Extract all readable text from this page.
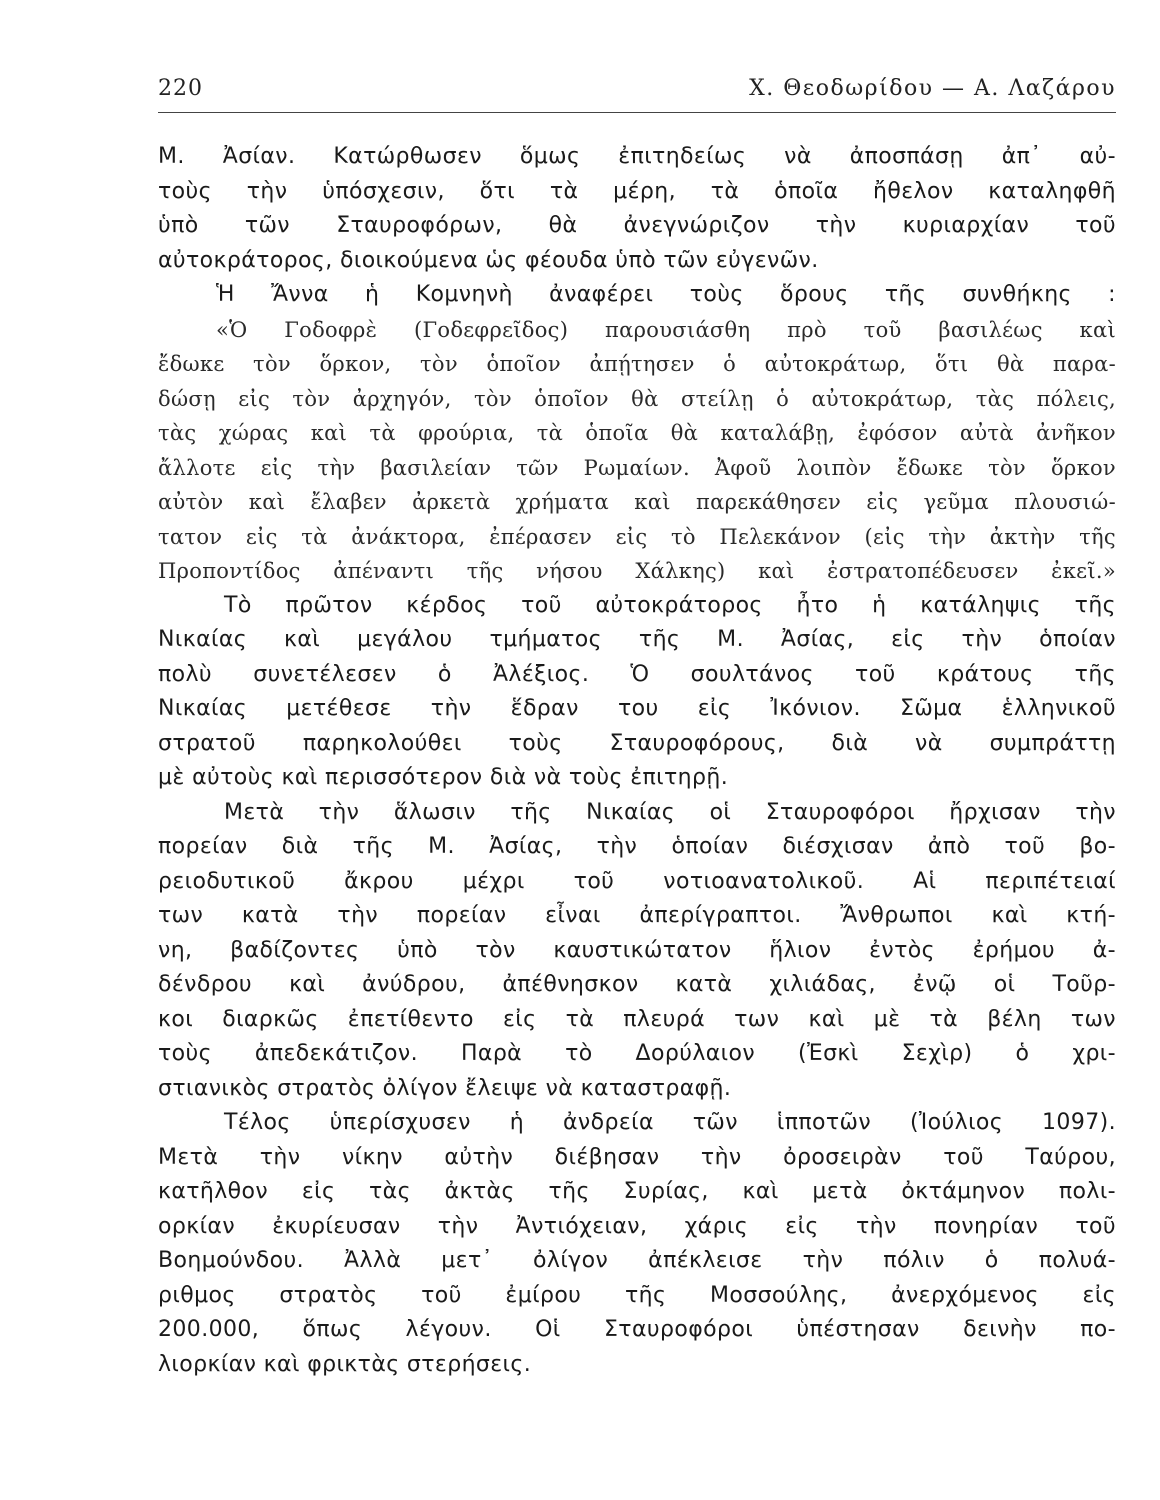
220	Χ. Θεοδωρίδου — Α. Λαζάρου
Μ. Ἀσίαν. Κατώρθωσεν ὅμως ἐπιτηδείως νὰ ἀποσπάσῃ ἀπ᾿ αὐ-
τοὺς τὴν ὑπόσχεσιν, ὅτι τὰ μέρη, τὰ ὁποῖα ἤθελον καταληφθῆ
ὑπὸ τῶν Σταυροφόρων, θὰ ἀνεγνώριζον τὴν κυριαρχίαν τοῦ
αὐτοκράτορος, διοικούμενα ὡς φέουδα ὑπὸ τῶν εὐγενῶν.
Ἡ Ἄννα ἡ Κομνηνὴ ἀναφέρει τοὺς ὅρους τῆς συνθήκης :
«Ὁ Γοδοφρὲ (Γοδεφρεῖδος) παρουσιάσθη πρὸ τοῦ βασιλέως καὶ
ἔδωκε τὸν ὅρκον, τὸν ὁποῖον ἀπῄτησεν ὁ αὐτοκράτωρ, ὅτι θὰ παρα-
δώσῃ εἰς τὸν ἀρχηγόν, τὸν ὁποῖον θὰ στείλῃ ὁ αὐτοκράτωρ, τὰς πόλεις,
τὰς χώρας καὶ τὰ φρούρια, τὰ ὁποῖα θὰ καταλάβῃ, ἐφόσον αὐτὰ ἀνῆκον
ἄλλοτε εἰς τὴν βασιλείαν τῶν Ρωμαίων. Ἀφοῦ λοιπὸν ἔδωκε τὸν ὅρκον
αὐτὸν καὶ ἔλαβεν ἀρκετὰ χρήματα καὶ παρεκάθησεν εἰς γεῦμα πλουσιώ-
τατον εἰς τὰ ἀνάκτορα, ἐπέρασεν εἰς τὸ Πελεκάνον (εἰς τὴν ἀκτὴν τῆς
Προποντίδος ἀπέναντι τῆς νήσου Χάλκης) καὶ ἐστρατοπέδευσεν ἐκεῖ.»
Τὸ πρῶτον κέρδος τοῦ αὐτοκράτορος ἦτο ἡ κατάληψις τῆς
Νικαίας καὶ μεγάλου τμήματος τῆς Μ. Ἀσίας, εἰς τὴν ὁποίαν
πολὺ συνετέλεσεν ὁ Ἀλέξιος. Ὁ σουλτάνος τοῦ κράτους τῆς
Νικαίας μετέθεσε τὴν ἕδραν του εἰς Ἰκόνιον. Σῶμα ἑλληνικοῦ
στρατοῦ παρηκολούθει τοὺς Σταυροφόρους, διὰ νὰ συμπράττῃ
μὲ αὐτοὺς καὶ περισσότερον διὰ νὰ τοὺς ἐπιτηρῇ.
Μετὰ τὴν ἅλωσιν τῆς Νικαίας οἱ Σταυροφόροι ἤρχισαν τὴν
πορείαν διὰ τῆς Μ. Ἀσίας, τὴν ὁποίαν διέσχισαν ἀπὸ τοῦ βο-
ρειοδυτικοῦ ἄκρου μέχρι τοῦ νοτιοανατολικοῦ. Αἱ περιπέτειαί
των κατὰ τὴν πορείαν εἶναι ἀπερίγραπτοι. Ἄνθρωποι καὶ κτή-
νη, βαδίζοντες ὑπὸ τὸν καυστικώτατον ἥλιον ἐντὸς ἐρήμου ἀ-
δένδρου καὶ ἀνύδρου, ἀπέθνησκον κατὰ χιλιάδας, ἐνῷ οἱ Τοῦρ-
κοι διαρκῶς ἐπετίθεντο εἰς τὰ πλευρά των καὶ μὲ τὰ βέλη των
τοὺς ἀπεδεκάτιζον. Παρὰ τὸ Δορύλαιον (Ἐσκὶ Σεχὶρ) ὁ χρι-
στιανικὸς στρατὸς ὀλίγον ἔλειψε νὰ καταστραφῇ.
Τέλος ὑπερίσχυσεν ἡ ἀνδρεία τῶν ἱπποτῶν (Ἰούλιος 1097).
Μετὰ τὴν νίκην αὐτὴν διέβησαν τὴν ὀροσειρὰν τοῦ Ταύρου,
κατῆλθον εἰς τὰς ἀκτὰς τῆς Συρίας, καὶ μετὰ ὀκτάμηνον πολι-
ορκίαν ἐκυρίευσαν τὴν Ἀντιόχειαν, χάρις εἰς τὴν πονηρίαν τοῦ
Βοημούνδου. Ἀλλὰ μετ᾿ ὀλίγον ἀπέκλεισε τὴν πόλιν ὁ πολυά-
ριθμος στρατὸς τοῦ ἐμίρου τῆς Μοσσούλης, ἀνερχόμενος εἰς
200.000, ὅπως λέγουν. Οἱ Σταυροφόροι ὑπέστησαν δεινὴν πο-
λιορκίαν καὶ φρικτὰς στερήσεις.
